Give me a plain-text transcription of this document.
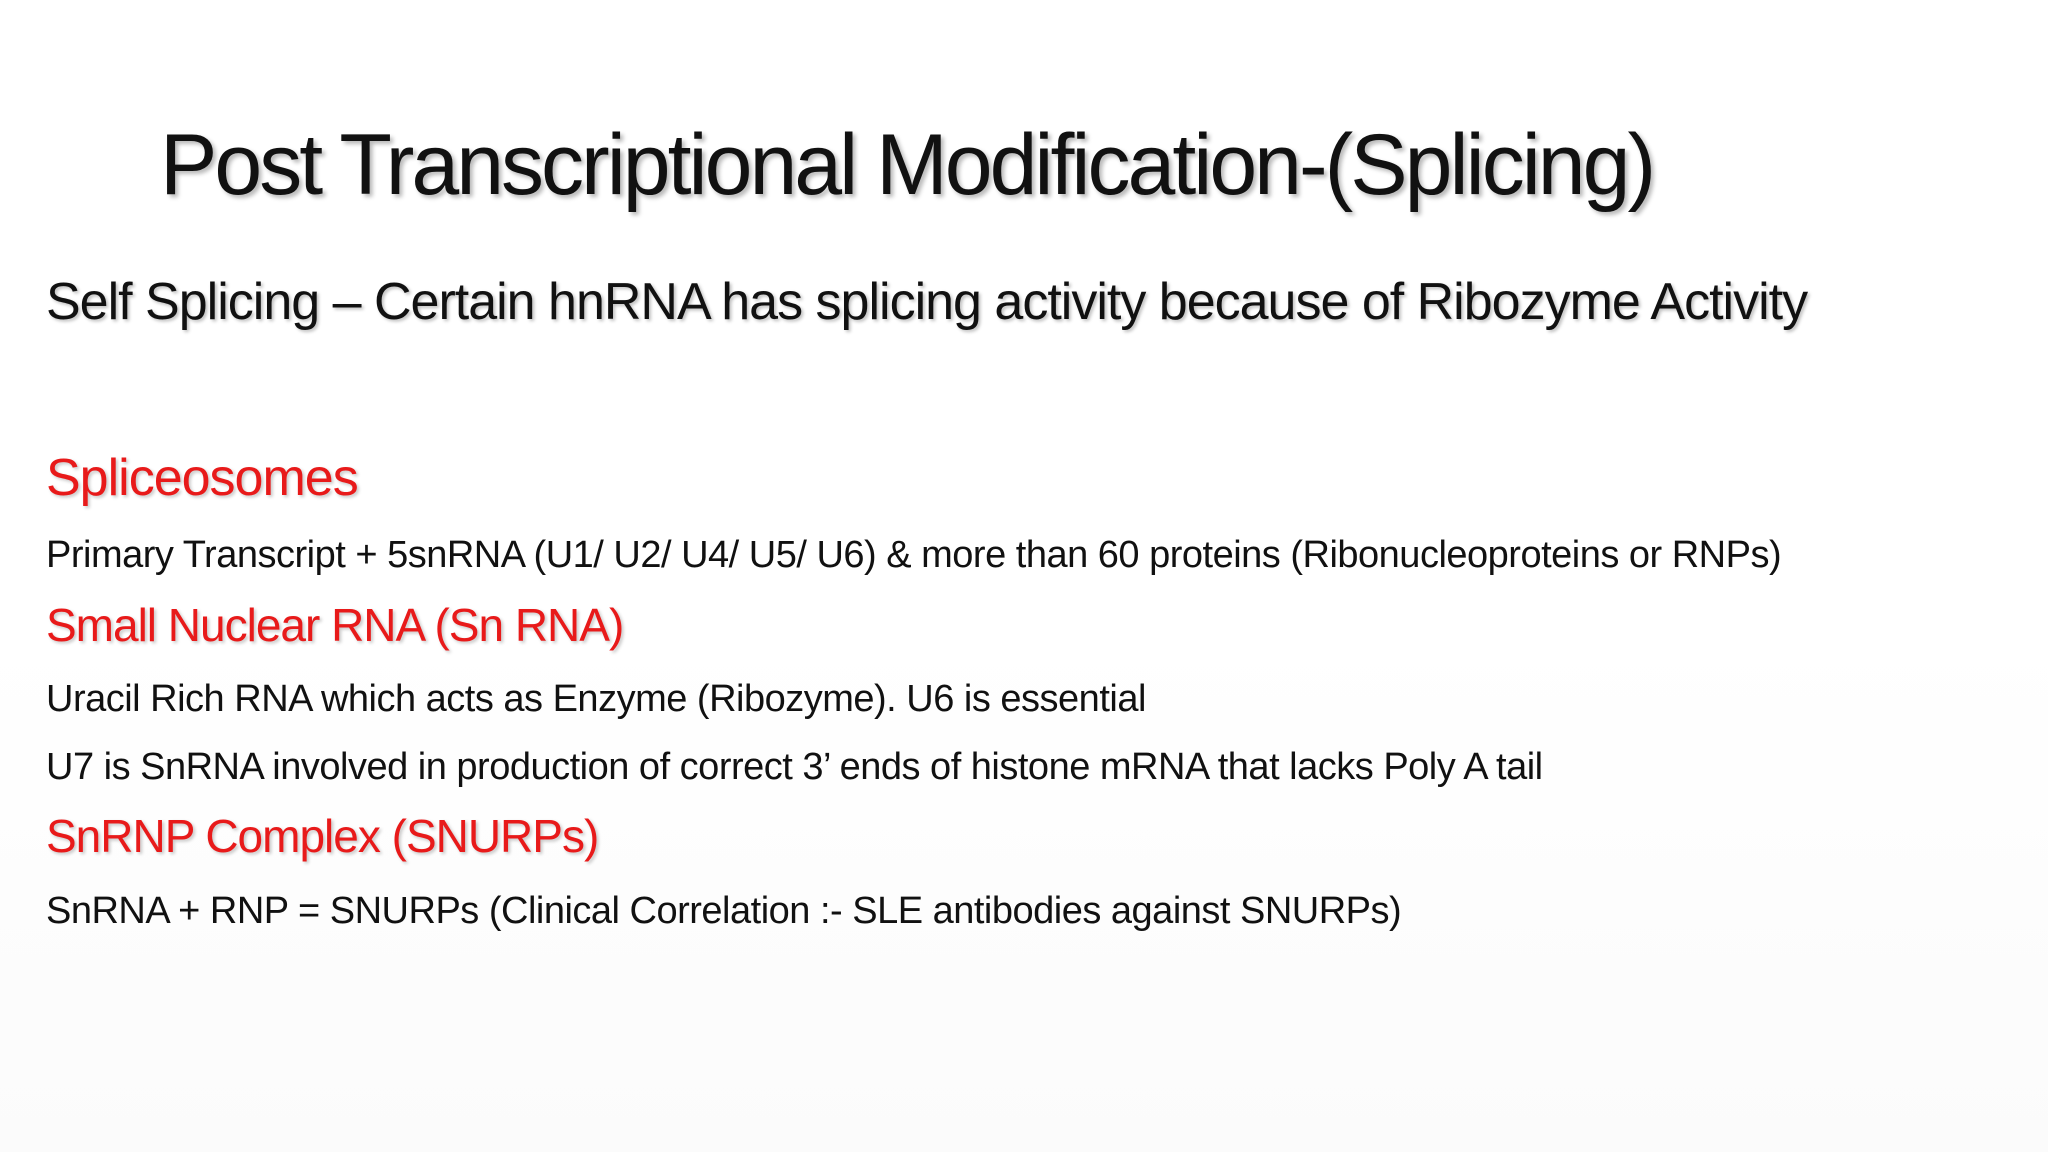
Post Transcriptional Modification-(Splicing)
Self Splicing – Certain hnRNA has splicing activity because of Ribozyme Activity
Spliceosomes

Primary Transcript + 5snRNA (U1/ U2/ U4/ U5/ U6) & more than 60 proteins (Ribonucleoproteins or RNPs)

Small Nuclear RNA (Sn RNA)

Uracil Rich RNA which acts as Enzyme (Ribozyme). U6 is essential

U7 is SnRNA involved in production of correct 3’ ends of histone mRNA that lacks Poly A tail

SnRNP Complex (SNURPs)

SnRNA + RNP = SNURPs (Clinical Correlation :- SLE antibodies against SNURPs)
